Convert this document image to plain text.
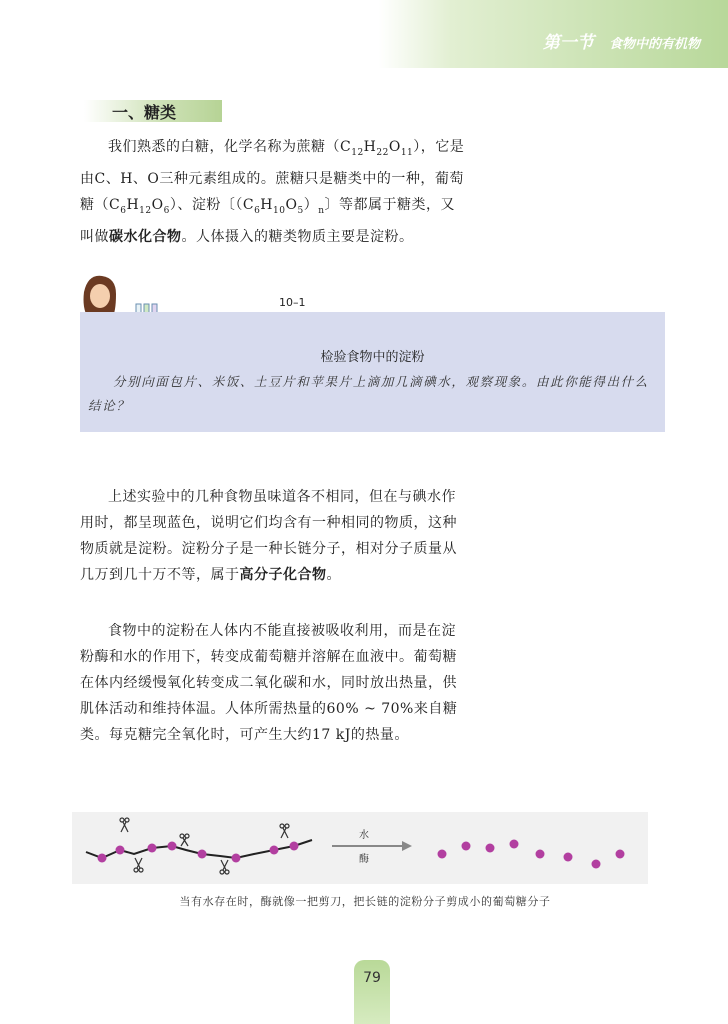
第一节 食物中的有机物
一、糖类

我们熟悉的白糖，化学名称为蔗糖$(C_{12}H_{22}O_{11})$，它是由C、H、O三种元素组成的。蔗糖只是糖类中的一种，葡萄糖$(C_6H_{12}O_6)$、淀粉〔$(C_6H_{10}O_5)_n$〕等都属于糖类，又叫做碳水化合物。人体摄入的糖类物质主要是淀粉。

检验食物中的淀粉

分别向面包片、米饭、土豆片和苹果片上滴加几滴碘水，观察现象。由此你能得出什么结论？

10–1

上述实验中的几种食物虽味道各不相同，但在与碘水作用时，都呈现蓝色，说明它们均含有一种相同的物质，这种物质就是淀粉。淀粉分子是一种长链分子，相对分子质量从几万到几十万不等，属于高分子化合物。

食物中的淀粉在人体内不能直接被吸收利用，而是在淀粉酶和水的作用下，转变成葡萄糖并溶解在血液中。葡萄糖在体内经缓慢氧化转变成二氧化碳和水，同时放出热量，供肌体活动和维持体温。人体所需热量的60% ~ 70%来自糖类。每克糖完全氧化时，可产生大约17 kJ的热量。

水
酶
当有水存在时，酶就像一把剪刀，把长链的淀粉分子剪成小的葡萄糖分子
79
